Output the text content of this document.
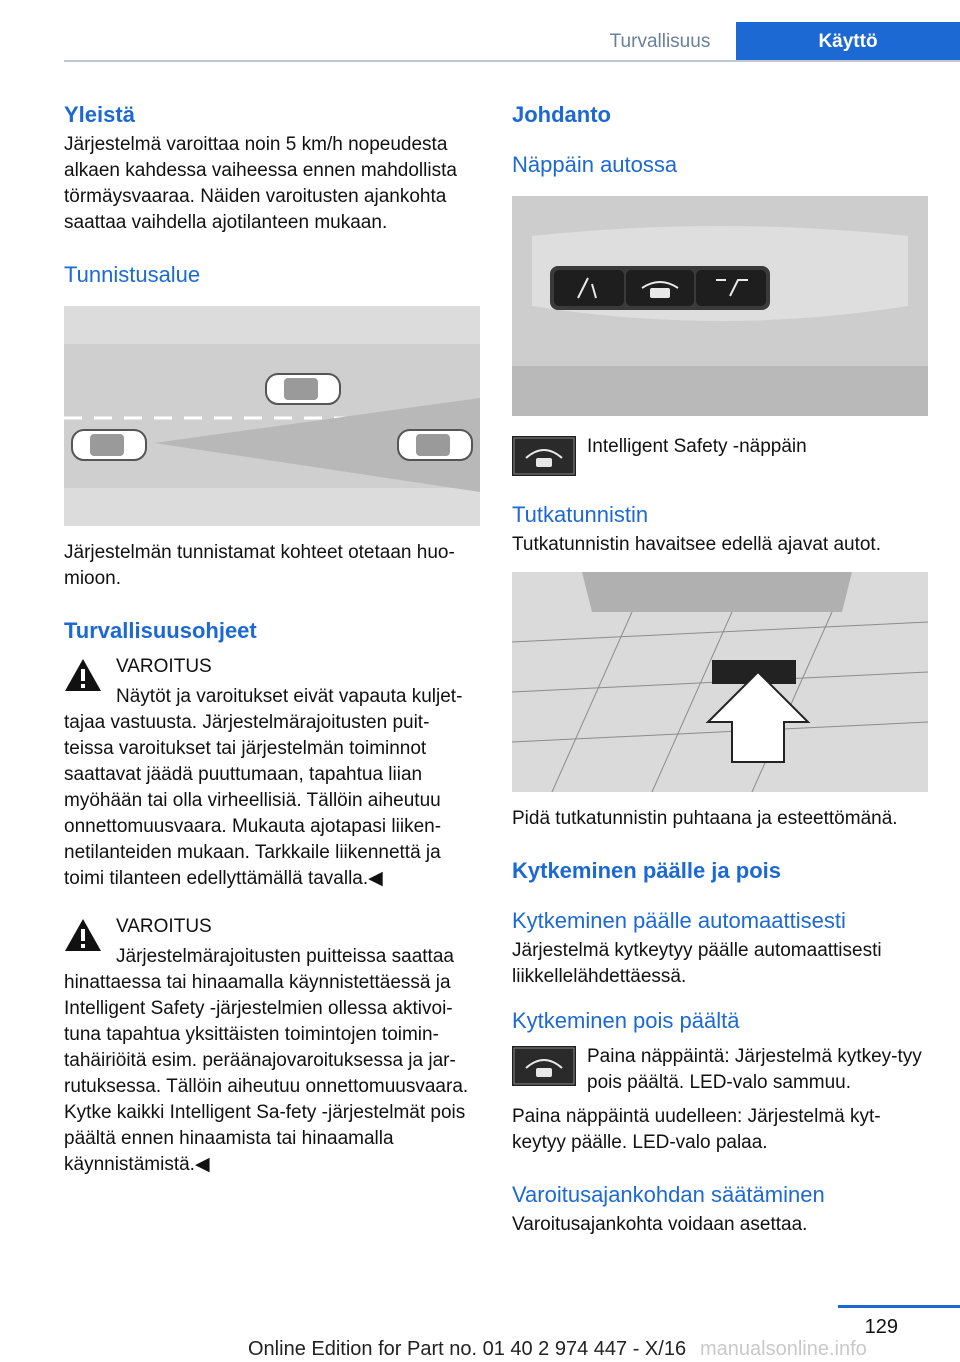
Turvallisuus	Käyttö
Yleistä

Järjestelmä varoittaa noin 5 km/h nopeudesta alkaen kahdessa vaiheessa ennen mahdollista törmäysvaaraa. Näiden varoitusten ajankohta saattaa vaihdella ajotilanteen mukaan.

Tunnistusalue

Järjestelmän tunnistamat kohteet otetaan huo-mioon.

Turvallisuusohjeet

VAROITUS

Näytöt ja varoitukset eivät vapauta kuljet-tajaa vastuusta. Järjestelmärajoitusten puit-teissa varoitukset tai järjestelmän toiminnot saattavat jäädä puuttumaan, tapahtua liian myöhään tai olla virheellisiä. Tällöin aiheutuu onnettomuusvaara. Mukauta ajotapasi liiken-netilanteiden mukaan. Tarkkaile liikennettä ja toimi tilanteen edellyttämällä tavalla.◀

VAROITUS

Järjestelmärajoitusten puitteissa saattaa hinattaessa tai hinaamalla käynnistettäessä ja Intelligent Safety -järjestelmien ollessa aktivoi-tuna tapahtua yksittäisten toimintojen toimin-tahäiriöitä esim. peräänajovaroituksessa ja jar-rutuksessa. Tällöin aiheutuu onnettomuusvaara. Kytke kaikki Intelligent Sa-fety -järjestelmät pois päältä ennen hinaamista tai hinaamalla käynnistämistä.◀

Johdanto
Näppäin autossa

Intelligent Safety -näppäin

Tutkatunnistin

Tutkatunnistin havaitsee edellä ajavat autot.

Pidä tutkatunnistin puhtaana ja esteettömänä.

Kytkeminen päälle ja pois
Kytkeminen päälle automaattisesti

Järjestelmä kytkeytyy päälle automaattisesti liikkellelähdettäessä.

Kytkeminen pois päältä

Paina näppäintä: Järjestelmä kytkey-tyy pois päältä. LED-valo sammuu.

Paina näppäintä uudelleen: Järjestelmä kyt-keytyy päälle. LED-valo palaa.

Varoitusajankohdan säätäminen

Varoitusajankohta voidaan asettaa.

129
Online Edition for Part no. 01 40 2 974 447 - X/16 manualsonline.info
